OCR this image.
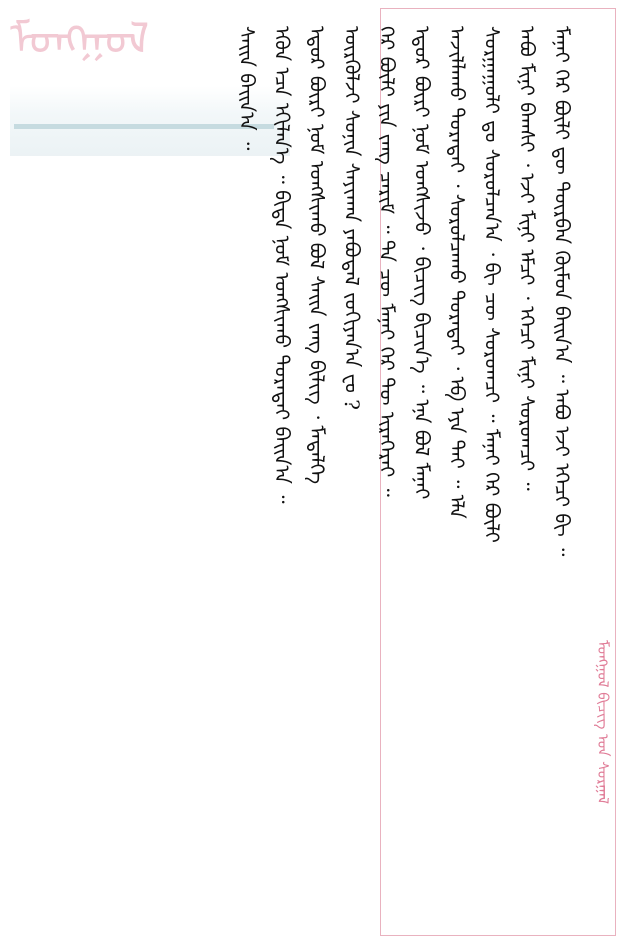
ᠮᠣᠩᠭᠣᠯ	ᠮᠠᠨᠠᠢ ᠭᠡᠷ ᠪᠦᠯᠢ ᠳᠦ ᠳᠥᠷᠪᠡᠨ ᠬᠦᠮᠦᠨ ᠪᠠᠢᠨ᠎ᠠ ᠃ ᠠᠪᠤ ᠡᠵᠢ ᠡᠭᠡᠴᠢ ᠪᠢ ᠃
ᠠᠪᠤ ᠮᠢᠨᠢ ᠪᠠᠭᠰᠢ ᠂ ᠡᠵᠢ ᠮᠢᠨᠢ ᠡᠮᠴᠢ ᠂ ᠡᠭᠡᠴᠢ ᠮᠢᠨᠢ ᠰᠤᠷᠤᠭᠴᠢ ᠃
ᠰᠤᠷᠭᠠᠭᠤᠯᠢ ᠳᠤ ᠰᠤᠷᠤᠯᠴᠠᠨ᠎ᠠ ᠂ ᠪᠢ ᠴᠦ ᠰᠤᠷᠤᠭᠴᠢ ᠃ ᠮᠠᠨᠠᠢ ᠭᠡᠷ ᠪᠦᠯᠢ
ᠠᠵᠢᠯᠯᠠᠬᠤ ᠳᠤᠷᠠᠲᠠᠢ ᠂ ᠰᠤᠷᠤᠯᠴᠠᠬᠤ ᠳᠤᠷᠠᠲᠠᠢ ᠂ ᠡᠪ ᠡᠶᠡ ᠲᠠᠢ ᠃ ᠡᠯᠡ
ᠡᠳᠦᠷ ᠪᠦᠷᠢ ᠨᠣᠮ ᠤᠩᠰᠢᠵᠤ ᠂ ᠪᠢᠴᠢᠭ ᠪᠢᠴᠢᠨ᠎ᠡ ᠃ ᠡᠨᠡ ᠪᠣᠯ ᠮᠠᠨᠠᠢ
ᠭᠡᠷ ᠪᠦᠯᠢ ᠶᠢᠨ ᠵᠠᠩ ᠴᠠᠷᠢᠮ ᠃ ᠲᠠ ᠴᠦ ᠮᠠᠨᠠᠢ ᠭᠡᠷ ᠲᠦ ᠢᠷᠡᠭᠡᠷᠡᠢ ᠃
ᠦᠷᠭᠦᠯᠵᠢ ᠰᠣᠨᠢᠨ ᠰᠠᠶᠢᠬᠠᠨ ᠶᠠᠪᠤᠳᠠᠯ ᠵᠣᠬᠢᠶᠠᠨ᠎ᠠ ᠸᠤ ?
ᠡᠳᠦᠷ ᠪᠦᠷᠢ ᠨᠣᠮ ᠤᠩᠰᠢᠬᠤ ᠪᠣᠯ ᠰᠠᠢᠨ ᠵᠠᠩ ᠪᠢᠯᠢᠭ ᠂ ᠮᠡᠳᠡᠯᠭᠡ
ᠡᠭᠦᠨ ᠡᠴᠡ ᠡᠬᠢᠯᠡᠨ᠎ᠡ ᠃ ᠪᠢᠳᠡ ᠨᠣᠮ ᠤᠩᠰᠢᠬᠤ ᠳᠤᠷᠠᠲᠠᠢ ᠪᠠᠢᠨ᠎ᠠ ᠃
ᠰᠠᠢᠨ ᠪᠠᠢᠨ᠎ᠠ ᠃
ᠮᠣᠩᠭᠣᠯ ᠪᠢᠴᠢᠭ ᠤᠨ ᠰᠤᠷᠭᠠᠯ
